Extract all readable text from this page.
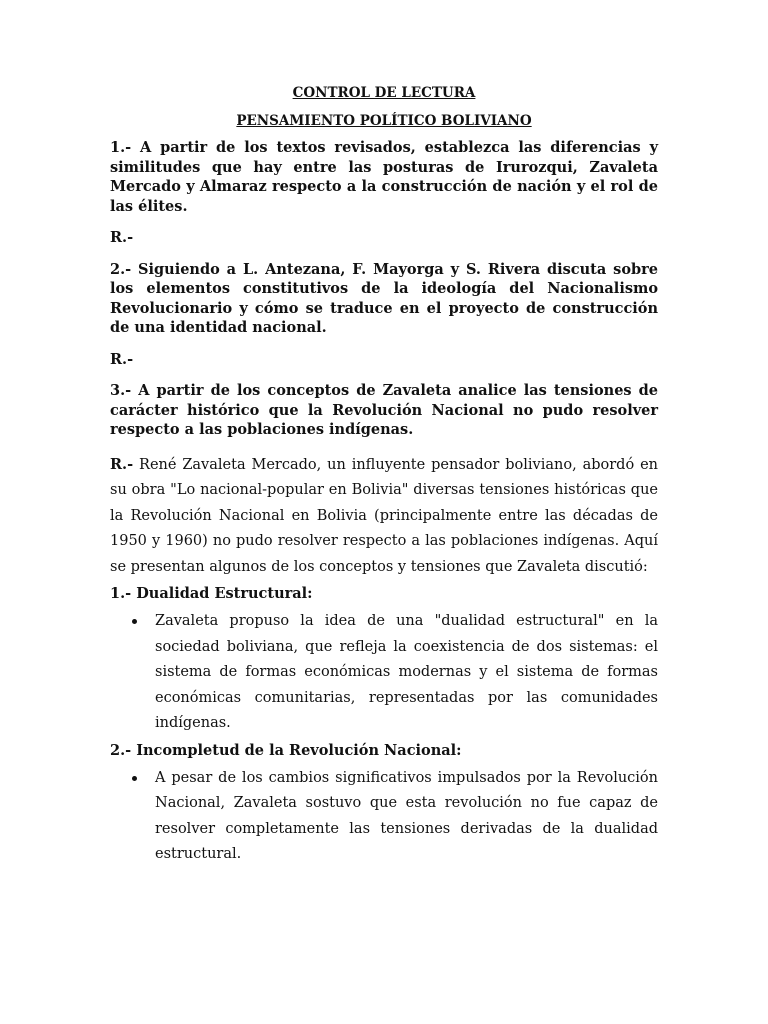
CONTROL DE LECTURA

PENSAMIENTO POLÍTICO BOLIVIANO

1.- A partir de los textos revisados, establezca las diferencias y similitudes que hay entre las posturas de Irurozqui, Zavaleta Mercado y Almaraz respecto a la construcción de nación y el rol de las élites.

R.-

2.- Siguiendo a L. Antezana, F. Mayorga y S. Rivera discuta sobre los elementos constitutivos de la ideología del Nacionalismo Revolucionario y cómo se traduce en el proyecto de construcción de una identidad nacional.

R.-

3.- A partir de los conceptos de Zavaleta analice las tensiones de carácter histórico que la Revolución Nacional no pudo resolver respecto a las poblaciones indígenas.

R.- René Zavaleta Mercado, un influyente pensador boliviano, abordó en su obra "Lo nacional-popular en Bolivia" diversas tensiones históricas que la Revolución Nacional en Bolivia (principalmente entre las décadas de 1950 y 1960) no pudo resolver respecto a las poblaciones indígenas. Aquí se presentan algunos de los conceptos y tensiones que Zavaleta discutió:

1.- Dualidad Estructural:

Zavaleta propuso la idea de una "dualidad estructural" en la sociedad boliviana, que refleja la coexistencia de dos sistemas: el sistema de formas económicas modernas y el sistema de formas económicas comunitarias, representadas por las comunidades indígenas.

2.- Incompletud de la Revolución Nacional:

A pesar de los cambios significativos impulsados por la Revolución Nacional, Zavaleta sostuvo que esta revolución no fue capaz de resolver completamente las tensiones derivadas de la dualidad estructural.
